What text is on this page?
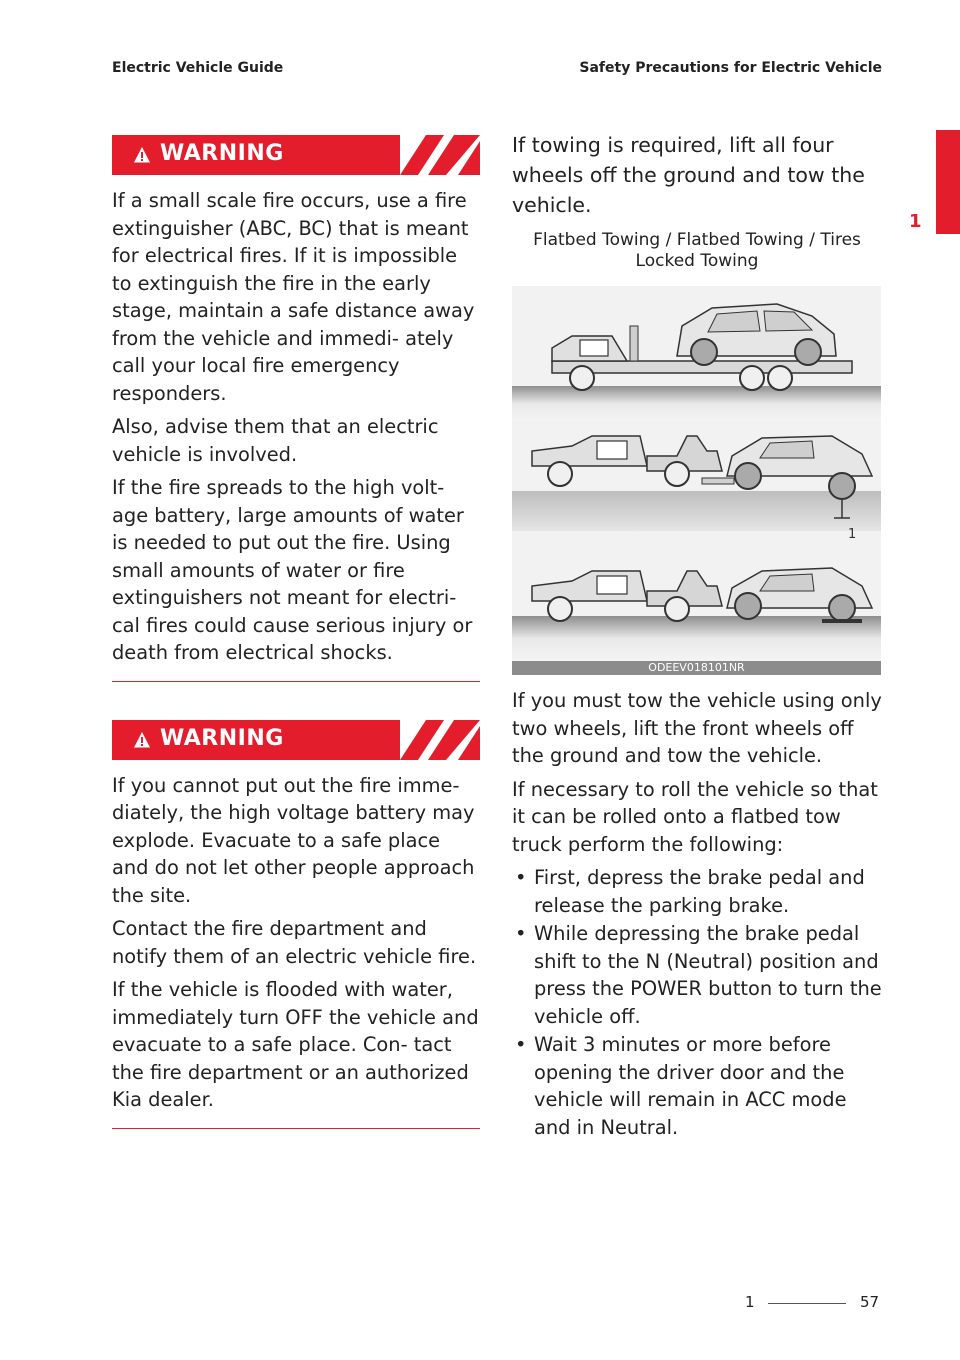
Electric Vehicle Guide	Safety Precautions for Electric Vehicle
1
WARNING

If a small scale fire occurs, use a fire extinguisher (ABC, BC) that is meant for electrical fires. If it is impossible to extinguish the fire in the early stage, maintain a safe distance away from the vehicle and immedi- ately call your local fire emergency responders.

Also, advise them that an electric vehicle is involved.

If the fire spreads to the high volt- age battery, large amounts of water is needed to put out the fire. Using small amounts of water or fire extinguishers not meant for electri- cal fires could cause serious injury or death from electrical shocks.

WARNING

If you cannot put out the fire imme- diately, the high voltage battery may explode. Evacuate to a safe place and do not let other people approach the site.

Contact the fire department and notify them of an electric vehicle fire.

If the vehicle is flooded with water, immediately turn OFF the vehicle and evacuate to a safe place. Con- tact the fire department or an authorized Kia dealer.

If towing is required, lift all four wheels off the ground and tow the vehicle.

Flatbed Towing / Flatbed Towing / Tires Locked Towing

1
ODEEV018101NR

If you must tow the vehicle using only two wheels, lift the front wheels off the ground and tow the vehicle.

If necessary to roll the vehicle so that it can be rolled onto a flatbed tow truck perform the following:

• First, depress the brake pedal and release the parking brake.
• While depressing the brake pedal shift to the N (Neutral) position and press the POWER button to turn the vehicle off.
• Wait 3 minutes or more before opening the driver door and the vehicle will remain in ACC mode and in Neutral.
1	57
